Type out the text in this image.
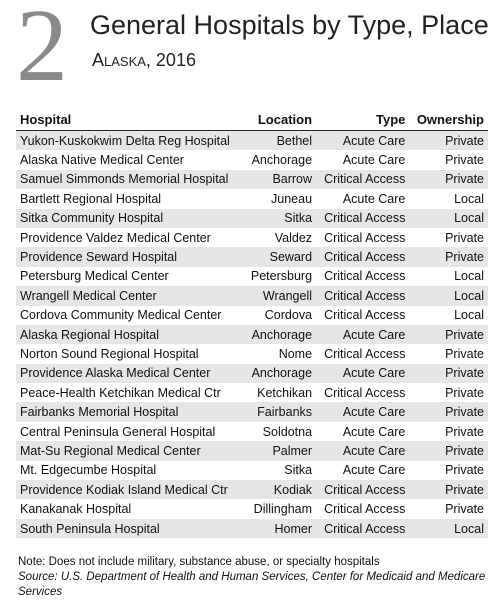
2 General Hospitals by Type, Place
Alaska, 2016
Hospital	Location	Type	Ownership
Yukon-Kuskokwim Delta Reg Hospital	Bethel	Acute Care	Private
Alaska Native Medical Center	Anchorage	Acute Care	Private
Samuel Simmonds Memorial Hospital	Barrow	Critical Access	Private
Bartlett Regional Hospital	Juneau	Acute Care	Local
Sitka Community Hospital	Sitka	Critical Access	Local
Providence Valdez Medical Center	Valdez	Critical Access	Private
Providence Seward Hospital	Seward	Critical Access	Private
Petersburg Medical Center	Petersburg	Critical Access	Local
Wrangell Medical Center	Wrangell	Critical Access	Local
Cordova Community Medical Center	Cordova	Critical Access	Local
Alaska Regional Hospital	Anchorage	Acute Care	Private
Norton Sound Regional Hospital	Nome	Critical Access	Private
Providence Alaska Medical Center	Anchorage	Acute Care	Private
Peace-Health Ketchikan Medical Ctr	Ketchikan	Critical Access	Private
Fairbanks Memorial Hospital	Fairbanks	Acute Care	Private
Central Peninsula General Hospital	Soldotna	Acute Care	Private
Mat-Su Regional Medical Center	Palmer	Acute Care	Private
Mt. Edgecumbe Hospital	Sitka	Acute Care	Private
Providence Kodiak Island Medical Ctr	Kodiak	Critical Access	Private
Kanakanak Hospital	Dillingham	Critical Access	Private
South Peninsula Hospital	Homer	Critical Access	Local
Note: Does not include military, substance abuse, or specialty hospitals
Source: U.S. Department of Health and Human Services, Center for Medicaid and Medicare Services
